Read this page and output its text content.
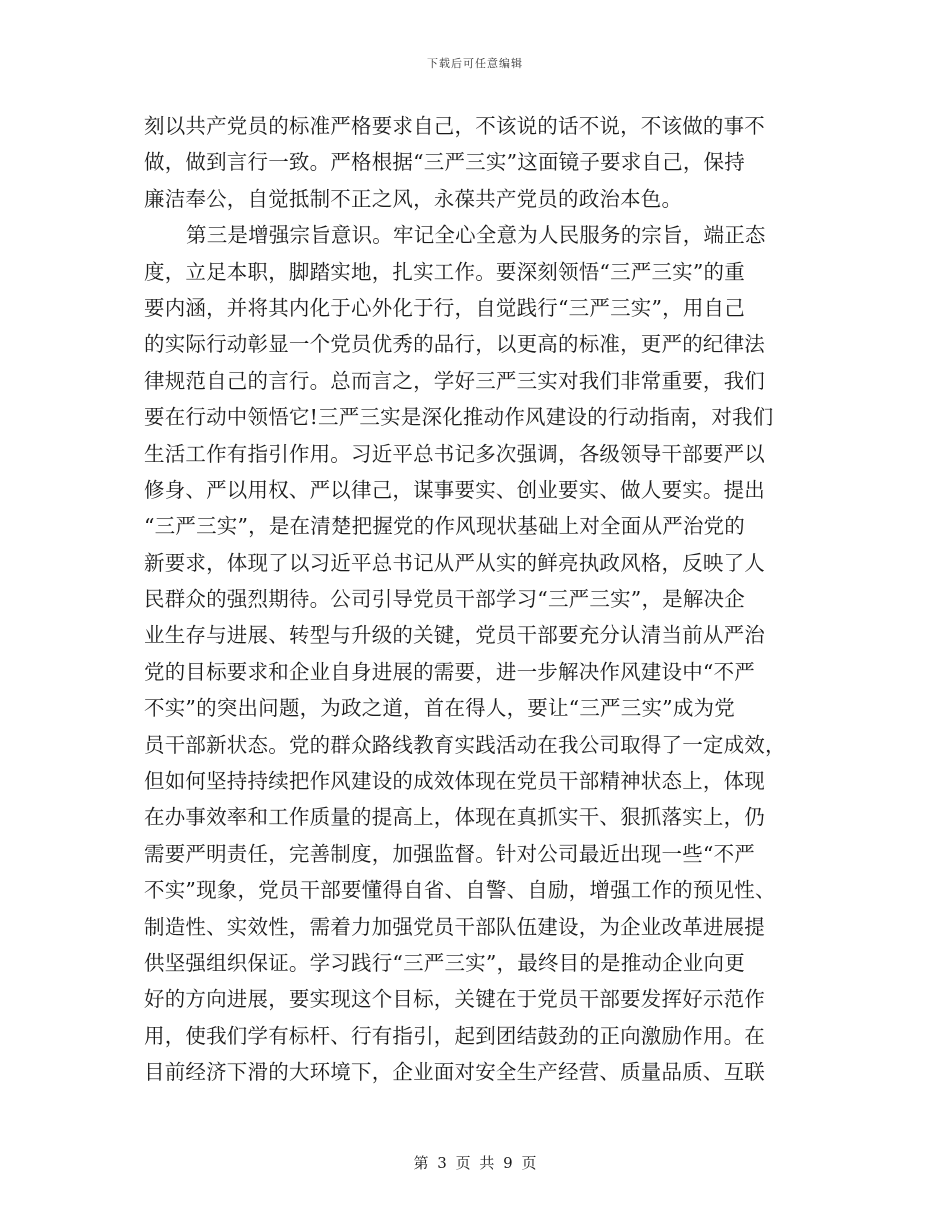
下载后可任意编辑
刻以共产党员的标准严格要求自己，不该说的话不说，不该做的事不
做，做到言行一致。严格根据“三严三实”这面镜子要求自己，保持
廉洁奉公，自觉抵制不正之风，永葆共产党员的政治本色。
第三是增强宗旨意识。牢记全心全意为人民服务的宗旨，端正态
度，立足本职，脚踏实地，扎实工作。要深刻领悟“三严三实”的重
要内涵，并将其内化于心外化于行，自觉践行“三严三实”，用自己
的实际行动彰显一个党员优秀的品行，以更高的标准，更严的纪律法
律规范自己的言行。总而言之，学好三严三实对我们非常重要，我们
要在行动中领悟它!三严三实是深化推动作风建设的行动指南，对我们
生活工作有指引作用。习近平总书记多次强调，各级领导干部要严以
修身、严以用权、严以律己，谋事要实、创业要实、做人要实。提出
“三严三实”，是在清楚把握党的作风现状基础上对全面从严治党的
新要求，体现了以习近平总书记从严从实的鲜亮执政风格，反映了人
民群众的强烈期待。公司引导党员干部学习“三严三实”，是解决企
业生存与进展、转型与升级的关键，党员干部要充分认清当前从严治
党的目标要求和企业自身进展的需要，进一步解决作风建设中“不严
不实”的突出问题，为政之道，首在得人，要让“三严三实”成为党
员干部新状态。党的群众路线教育实践活动在我公司取得了一定成效，
但如何坚持持续把作风建设的成效体现在党员干部精神状态上，体现
在办事效率和工作质量的提高上，体现在真抓实干、狠抓落实上，仍
需要严明责任，完善制度，加强监督。针对公司最近出现一些“不严
不实”现象，党员干部要懂得自省、自警、自励，增强工作的预见性、
制造性、实效性，需着力加强党员干部队伍建设，为企业改革进展提
供坚强组织保证。学习践行“三严三实”，最终目的是推动企业向更
好的方向进展，要实现这个目标，关键在于党员干部要发挥好示范作
用，使我们学有标杆、行有指引，起到团结鼓劲的正向激励作用。在
目前经济下滑的大环境下，企业面对安全生产经营、质量品质、互联
第 3 页 共 9 页
